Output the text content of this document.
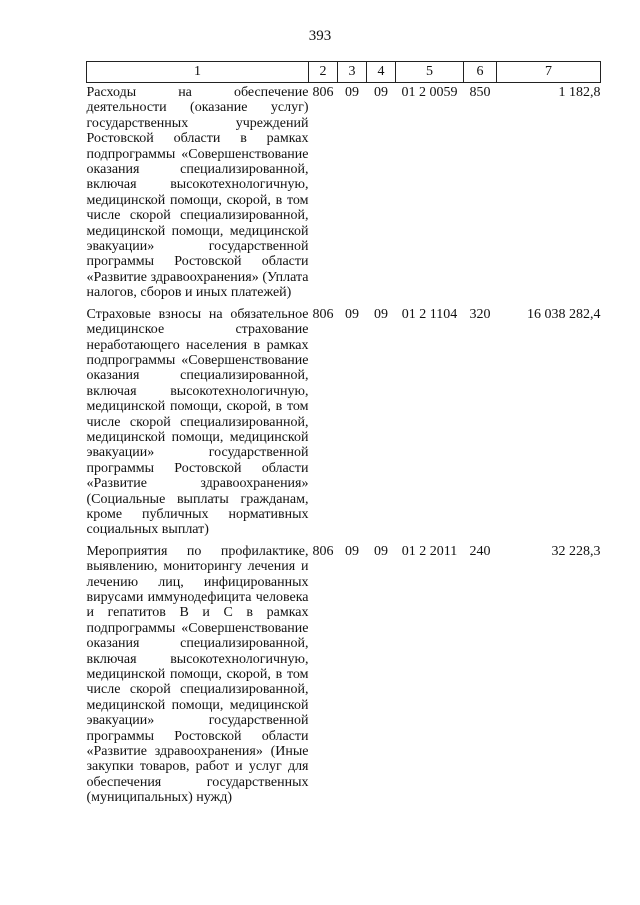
393
1	2	3	4	5	6	7
Расходы на обеспечение деятельности (оказание услуг) государственных учреждений Ростовской области в рамках подпрограммы «Совершенствование оказания специализированной, включая высокотехнологичную, медицинской помощи, скорой, в том числе скорой специализированной, медицинской помощи, медицинской эвакуации» государственной программы Ростовской области «Развитие здравоохранения» (Уплата налогов, сборов и иных платежей)	806	09	09	01 2 0059	850	1 182,8
Страховые взносы на обязательное медицинское страхование неработающего населения в рамках подпрограммы «Совершенствование оказания специализированной, включая высокотехнологичную, медицинской помощи, скорой, в том числе скорой специализированной, медицинской помощи, медицинской эвакуации» государственной программы Ростовской области «Развитие здравоохранения» (Социальные выплаты гражданам, кроме публичных нормативных социальных выплат)	806	09	09	01 2 1104	320	16 038 282,4
Мероприятия по профилактике, выявлению, мониторингу лечения и лечению лиц, инфицированных вирусами иммунодефицита человека и гепатитов В и С в рамках подпрограммы «Совершенствование оказания специализированной, включая высокотехнологичную, медицинской помощи, скорой, в том числе скорой специализированной, медицинской помощи, медицинской эвакуации» государственной программы Ростовской области «Развитие здравоохранения» (Иные закупки товаров, работ и услуг для обеспечения государственных (муниципальных) нужд)	806	09	09	01 2 2011	240	32 228,3
